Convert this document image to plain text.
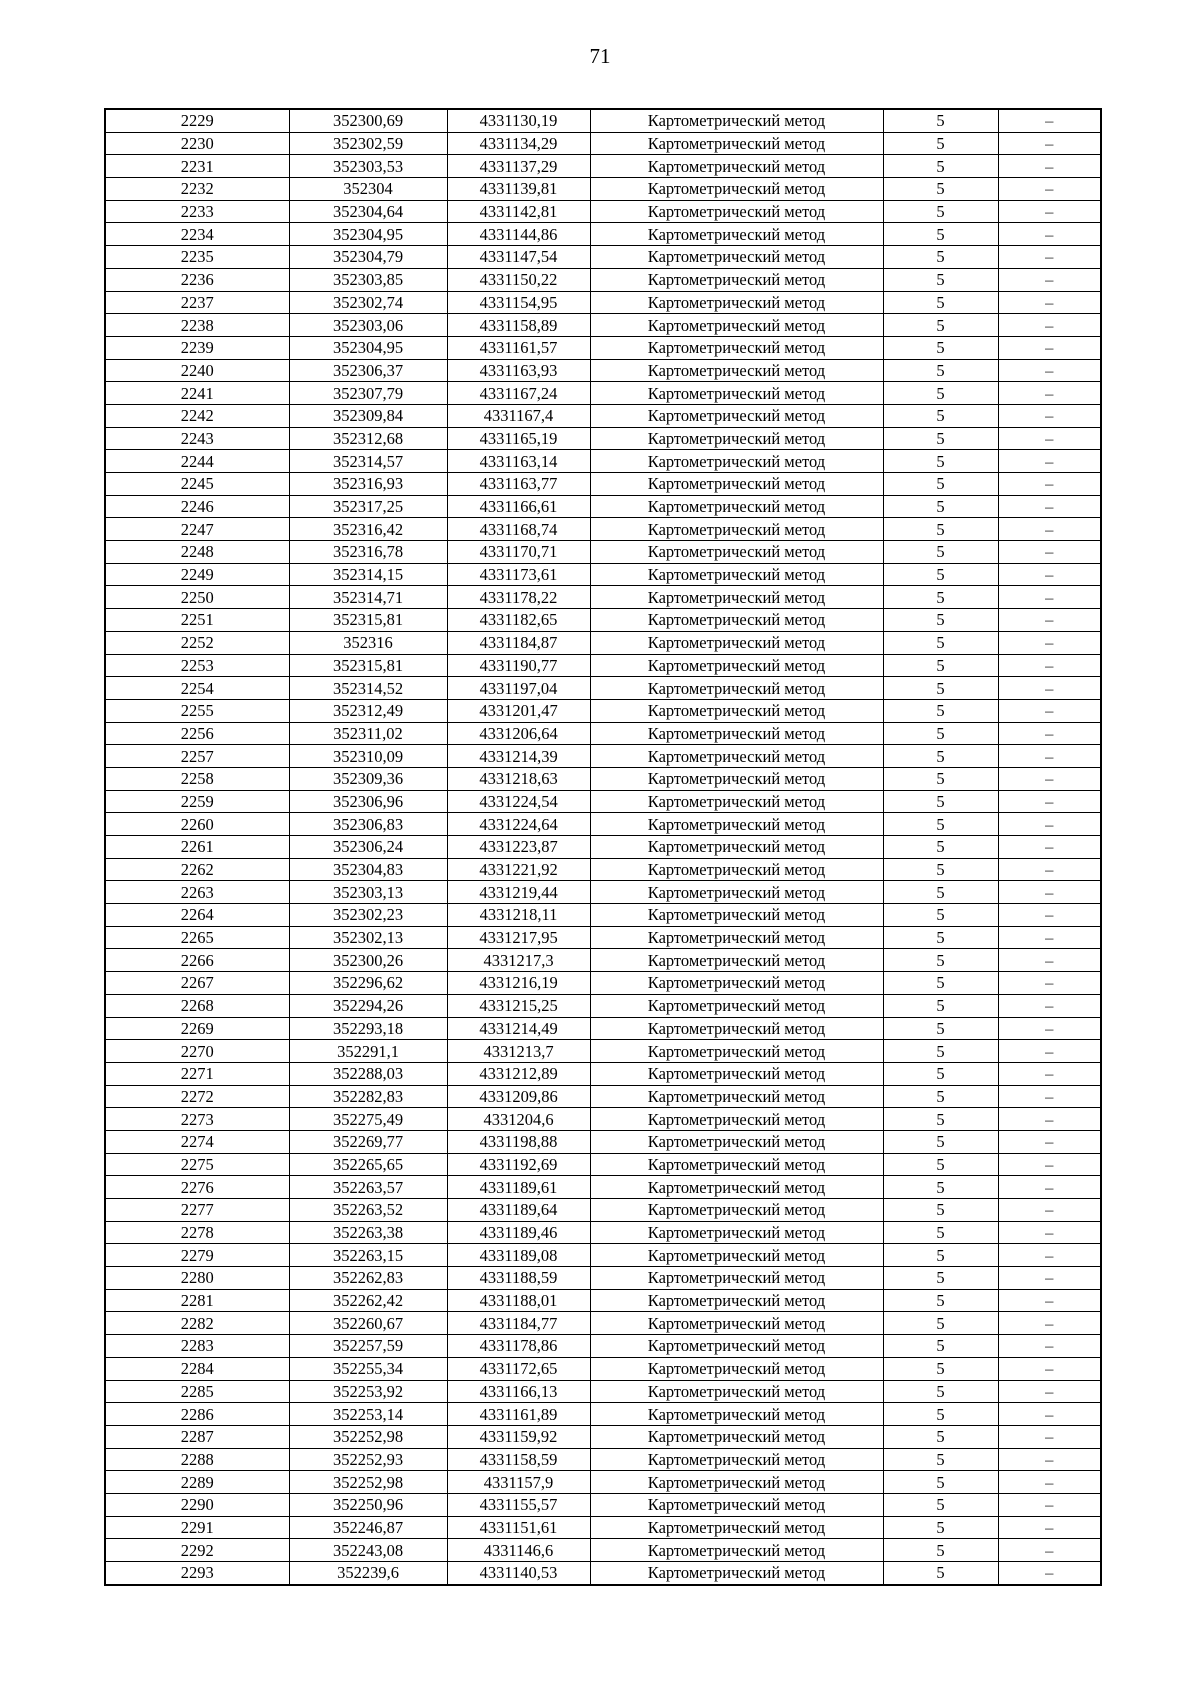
71
2229	352300,69	4331130,19	Картометрический метод	5	–
2230	352302,59	4331134,29	Картометрический метод	5	–
2231	352303,53	4331137,29	Картометрический метод	5	–
2232	352304	4331139,81	Картометрический метод	5	–
2233	352304,64	4331142,81	Картометрический метод	5	–
2234	352304,95	4331144,86	Картометрический метод	5	–
2235	352304,79	4331147,54	Картометрический метод	5	–
2236	352303,85	4331150,22	Картометрический метод	5	–
2237	352302,74	4331154,95	Картометрический метод	5	–
2238	352303,06	4331158,89	Картометрический метод	5	–
2239	352304,95	4331161,57	Картометрический метод	5	–
2240	352306,37	4331163,93	Картометрический метод	5	–
2241	352307,79	4331167,24	Картометрический метод	5	–
2242	352309,84	4331167,4	Картометрический метод	5	–
2243	352312,68	4331165,19	Картометрический метод	5	–
2244	352314,57	4331163,14	Картометрический метод	5	–
2245	352316,93	4331163,77	Картометрический метод	5	–
2246	352317,25	4331166,61	Картометрический метод	5	–
2247	352316,42	4331168,74	Картометрический метод	5	–
2248	352316,78	4331170,71	Картометрический метод	5	–
2249	352314,15	4331173,61	Картометрический метод	5	–
2250	352314,71	4331178,22	Картометрический метод	5	–
2251	352315,81	4331182,65	Картометрический метод	5	–
2252	352316	4331184,87	Картометрический метод	5	–
2253	352315,81	4331190,77	Картометрический метод	5	–
2254	352314,52	4331197,04	Картометрический метод	5	–
2255	352312,49	4331201,47	Картометрический метод	5	–
2256	352311,02	4331206,64	Картометрический метод	5	–
2257	352310,09	4331214,39	Картометрический метод	5	–
2258	352309,36	4331218,63	Картометрический метод	5	–
2259	352306,96	4331224,54	Картометрический метод	5	–
2260	352306,83	4331224,64	Картометрический метод	5	–
2261	352306,24	4331223,87	Картометрический метод	5	–
2262	352304,83	4331221,92	Картометрический метод	5	–
2263	352303,13	4331219,44	Картометрический метод	5	–
2264	352302,23	4331218,11	Картометрический метод	5	–
2265	352302,13	4331217,95	Картометрический метод	5	–
2266	352300,26	4331217,3	Картометрический метод	5	–
2267	352296,62	4331216,19	Картометрический метод	5	–
2268	352294,26	4331215,25	Картометрический метод	5	–
2269	352293,18	4331214,49	Картометрический метод	5	–
2270	352291,1	4331213,7	Картометрический метод	5	–
2271	352288,03	4331212,89	Картометрический метод	5	–
2272	352282,83	4331209,86	Картометрический метод	5	–
2273	352275,49	4331204,6	Картометрический метод	5	–
2274	352269,77	4331198,88	Картометрический метод	5	–
2275	352265,65	4331192,69	Картометрический метод	5	–
2276	352263,57	4331189,61	Картометрический метод	5	–
2277	352263,52	4331189,64	Картометрический метод	5	–
2278	352263,38	4331189,46	Картометрический метод	5	–
2279	352263,15	4331189,08	Картометрический метод	5	–
2280	352262,83	4331188,59	Картометрический метод	5	–
2281	352262,42	4331188,01	Картометрический метод	5	–
2282	352260,67	4331184,77	Картометрический метод	5	–
2283	352257,59	4331178,86	Картометрический метод	5	–
2284	352255,34	4331172,65	Картометрический метод	5	–
2285	352253,92	4331166,13	Картометрический метод	5	–
2286	352253,14	4331161,89	Картометрический метод	5	–
2287	352252,98	4331159,92	Картометрический метод	5	–
2288	352252,93	4331158,59	Картометрический метод	5	–
2289	352252,98	4331157,9	Картометрический метод	5	–
2290	352250,96	4331155,57	Картометрический метод	5	–
2291	352246,87	4331151,61	Картометрический метод	5	–
2292	352243,08	4331146,6	Картометрический метод	5	–
2293	352239,6	4331140,53	Картометрический метод	5	–
